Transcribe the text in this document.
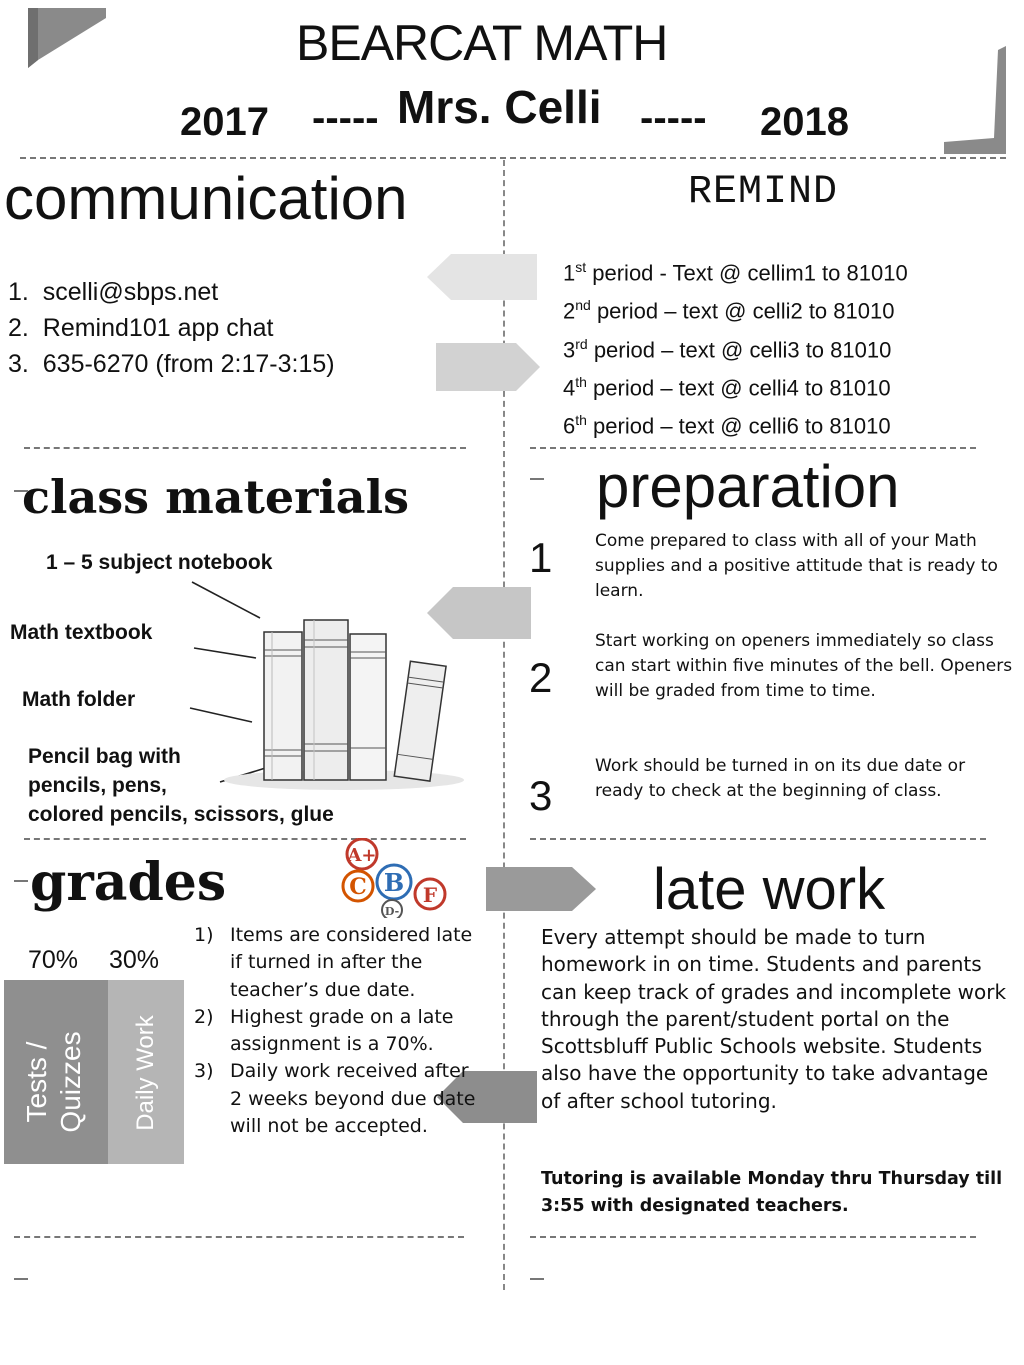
BEARCAT MATH
2017 ----- Mrs. Celli ----- 2018
communication
1. scelli@sbps.net
2. Remind101 app chat
3. 635-6270 (from 2:17-3:15)
REMIND
1st period - Text @ cellim1 to 81010
2nd period – text @ celli2 to 81010
3rd period – text @ celli3 to 81010
4th period – text @ celli4 to 81010
6th period – text @ celli6 to 81010
class materials
1 – 5 subject notebook
Math textbook
Math folder
Pencil bag with
pencils, pens,
colored pencils, scissors, glue
preparation
1	Come prepared to class with all of your Math supplies and a positive attitude that is ready to learn.
2
Start working on openers immediately so class can start within five minutes of the bell. Openers will be graded from time to time.
3
Work should be turned in on its due date or ready to check at the beginning of class.
grades	A+
C B F
D-
70% 30%
Tests / Quizzes Daily Work
1) Items are considered late if turned in after the teacher’s due date.
2) Highest grade on a late assignment is a 70%.
3) Daily work received after 2 weeks beyond due date will not be accepted.
late work
Every attempt should be made to turn homework in on time. Students and parents can keep track of grades and incomplete work through the parent/student portal on the Scottsbluff Public Schools website. Students also have the opportunity to take advantage of after school tutoring.
Tutoring is available Monday thru Thursday till 3:55 with designated teachers.
